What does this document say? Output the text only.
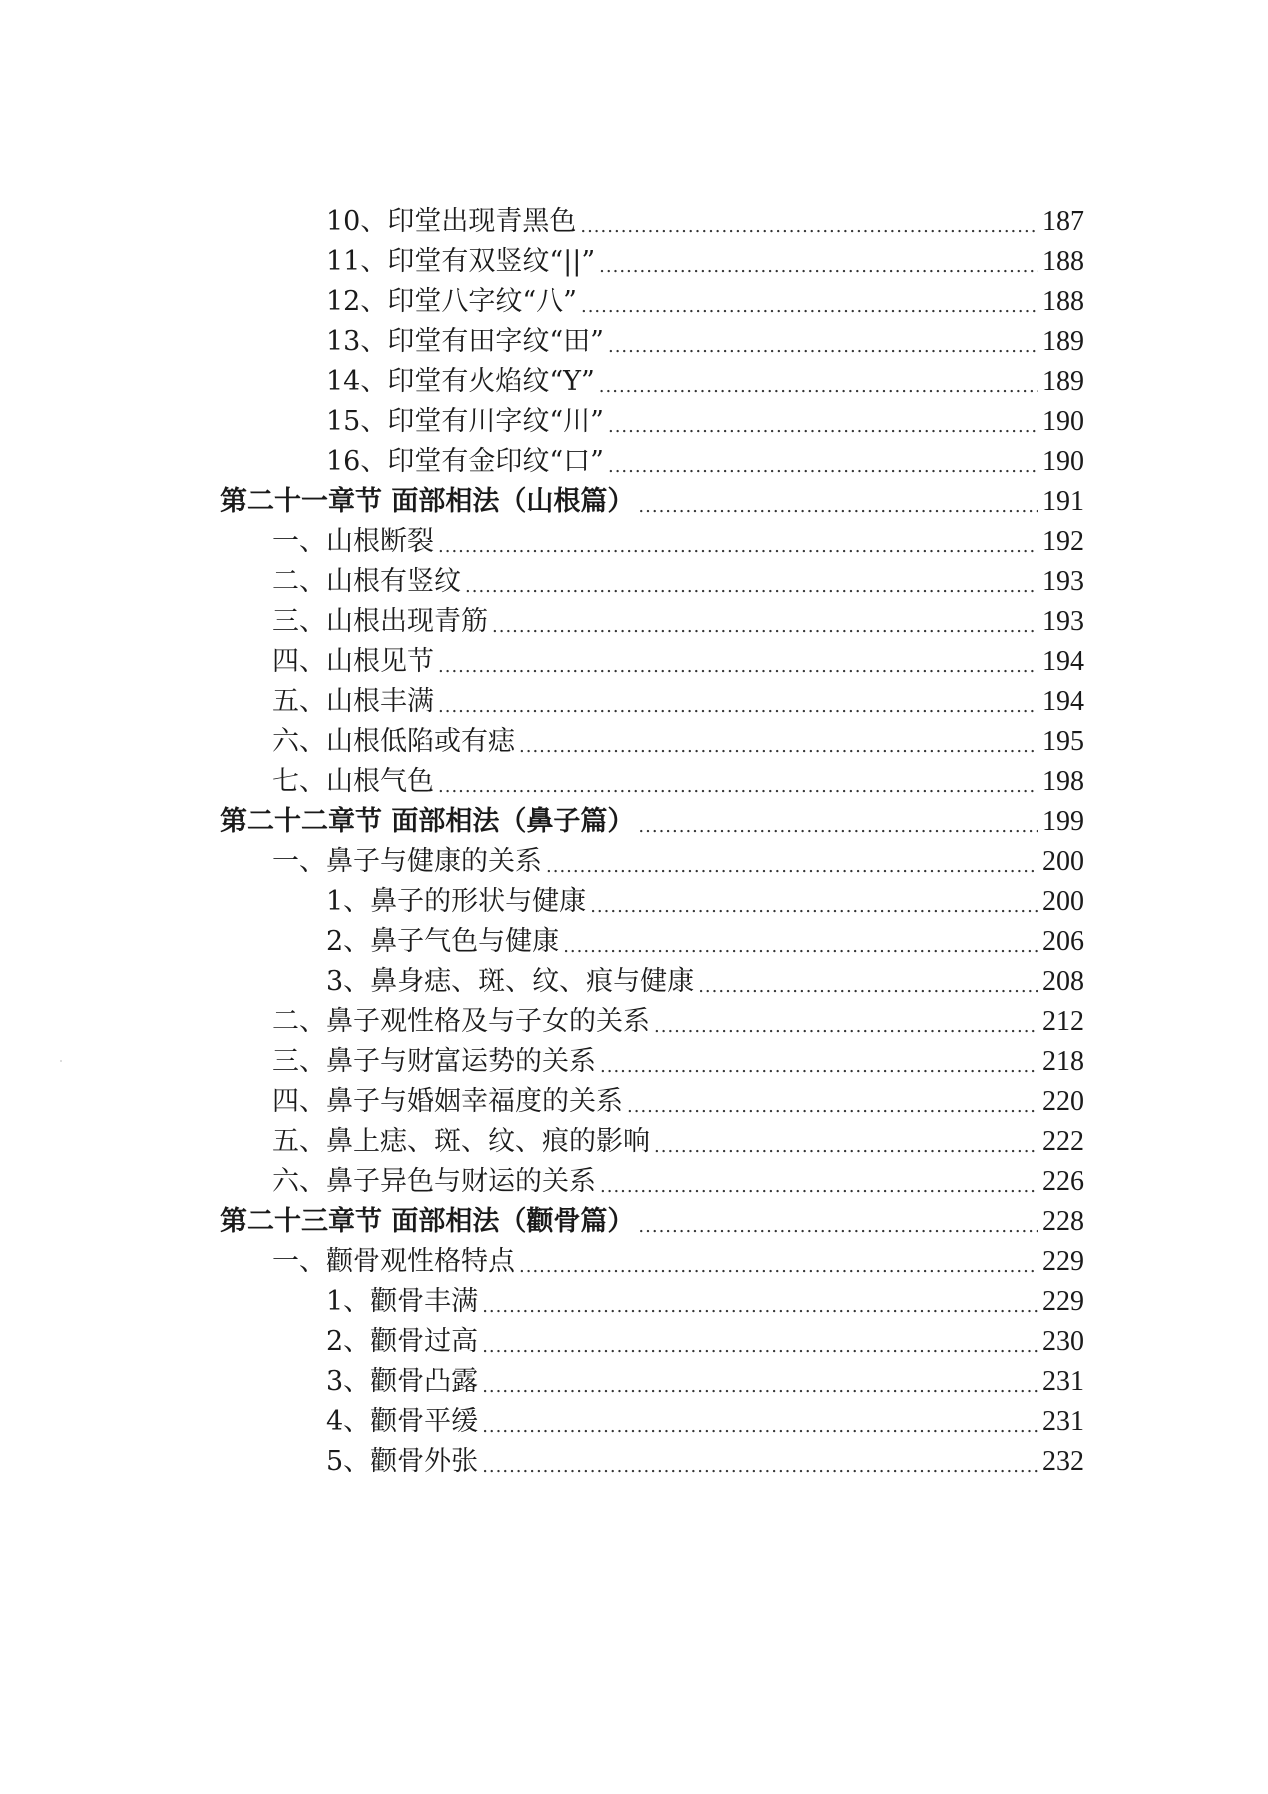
10、印堂出现青黑色 .....	187
11、印堂有双竖纹“||” .....	188
12、印堂八字纹“八” .....	188
13、印堂有田字纹“田” .....	189
14、印堂有火焰纹“Y” .....	189
15、印堂有川字纹“川” .....	190
16、印堂有金印纹“口” .....	190
第二十一章节 面部相法（山根篇） .....	191
一、山根断裂 .....	192
二、山根有竖纹 .....	193
三、山根出现青筋 .....	193
四、山根见节 .....	194
五、山根丰满 .....	194
六、山根低陷或有痣 .....	195
七、山根气色 .....	198
第二十二章节 面部相法（鼻子篇） .....	199
一、鼻子与健康的关系 .....	200
1、鼻子的形状与健康 .....	200
2、鼻子气色与健康 .....	206
3、鼻身痣、斑、纹、痕与健康 .....	208
二、鼻子观性格及与子女的关系 .....	212
三、鼻子与财富运势的关系 .....	218
四、鼻子与婚姻幸福度的关系 .....	220
五、鼻上痣、斑、纹、痕的影响 .....	222
六、鼻子异色与财运的关系 .....	226
第二十三章节 面部相法（颧骨篇） .....	228
一、颧骨观性格特点 .....	229
1、颧骨丰满 .....	229
2、颧骨过高 .....	230
3、颧骨凸露 .....	231
4、颧骨平缓 .....	231
5、颧骨外张 .....	232
